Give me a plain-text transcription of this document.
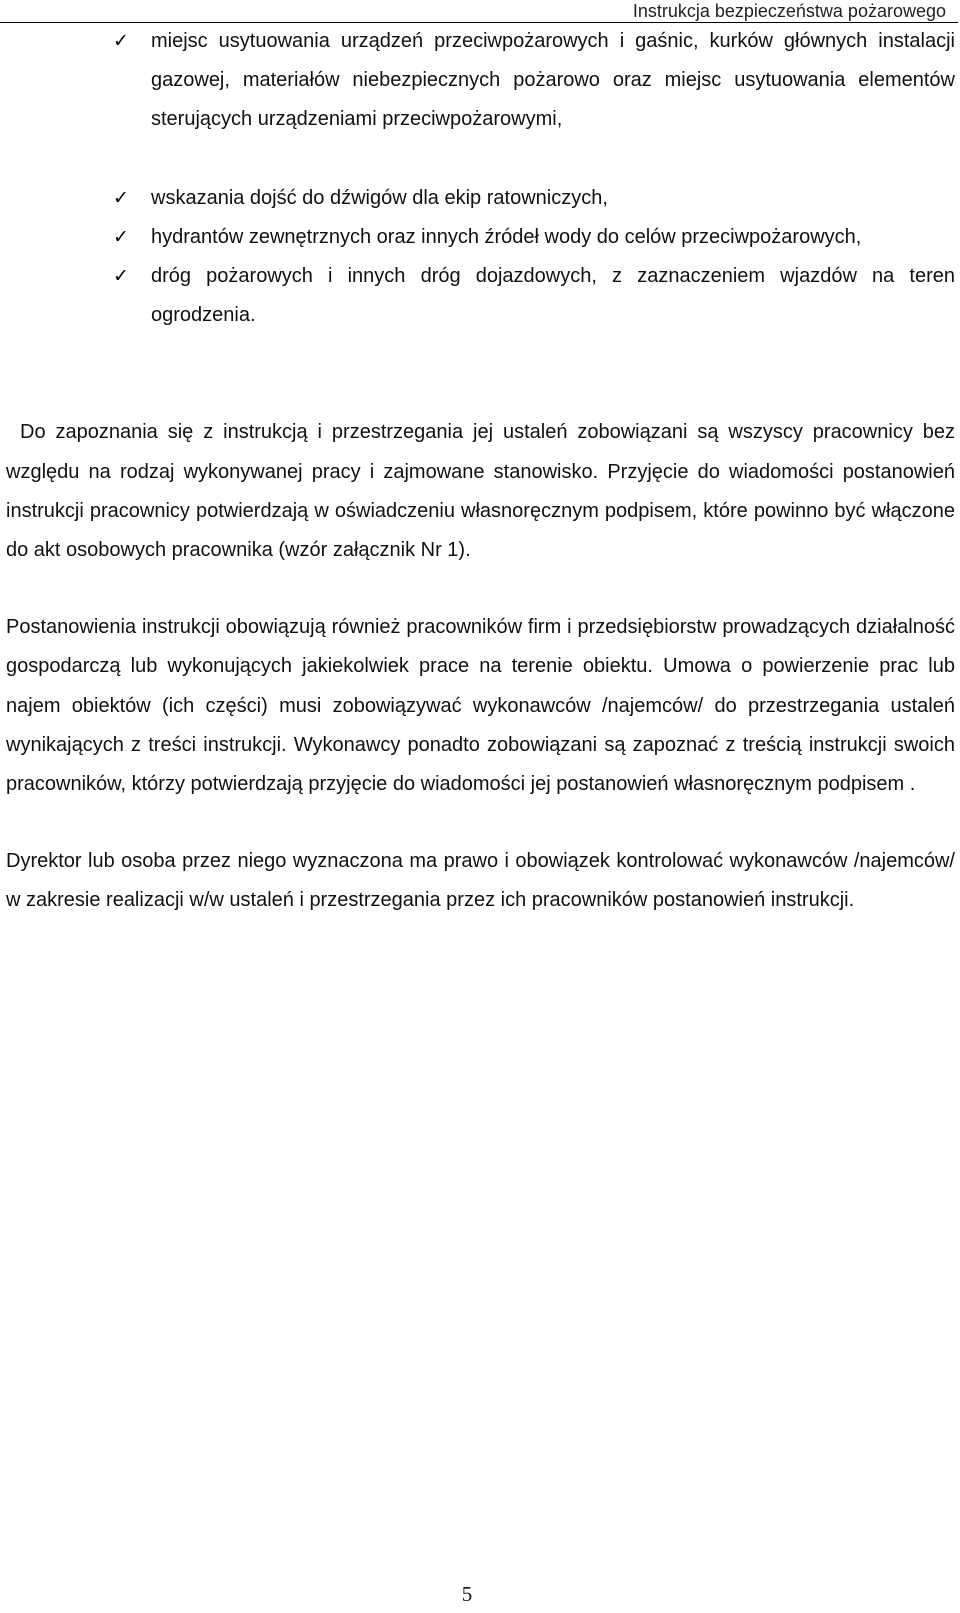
Instrukcja bezpieczeństwa pożarowego
✓ miejsc usytuowania urządzeń przeciwpożarowych i gaśnic, kurków głównych instalacji gazowej, materiałów niebezpiecznych pożarowo oraz miejsc usytuowania elementów sterujących urządzeniami przeciwpożarowymi,
✓ wskazania dojść do dźwigów dla ekip ratowniczych,
✓ hydrantów zewnętrznych oraz innych źródeł wody do celów przeciwpożarowych,
✓ dróg pożarowych i innych dróg dojazdowych, z zaznaczeniem wjazdów na teren ogrodzenia.

Do zapoznania się z instrukcją i przestrzegania jej ustaleń zobowiązani są wszyscy pracownicy bez względu na rodzaj wykonywanej pracy i zajmowane stanowisko. Przyjęcie do wiadomości postanowień instrukcji pracownicy potwierdzają w oświadczeniu własnoręcznym podpisem, które powinno być włączone do akt osobowych pracownika (wzór załącznik Nr 1).

Postanowienia instrukcji obowiązują również pracowników firm i przedsiębiorstw prowadzących działalność gospodarczą lub wykonujących jakiekolwiek prace na terenie obiektu. Umowa o powierzenie prac lub najem obiektów (ich części) musi zobowiązywać wykonawców /najemców/ do przestrzegania ustaleń wynikających z treści instrukcji. Wykonawcy ponadto zobowiązani są zapoznać z treścią instrukcji swoich pracowników, którzy potwierdzają przyjęcie do wiadomości jej postanowień własnoręcznym podpisem .

Dyrektor lub osoba przez niego wyznaczona ma prawo i obowiązek kontrolować wykonawców /najemców/ w zakresie realizacji w/w ustaleń i przestrzegania przez ich pracowników postanowień instrukcji.

5
